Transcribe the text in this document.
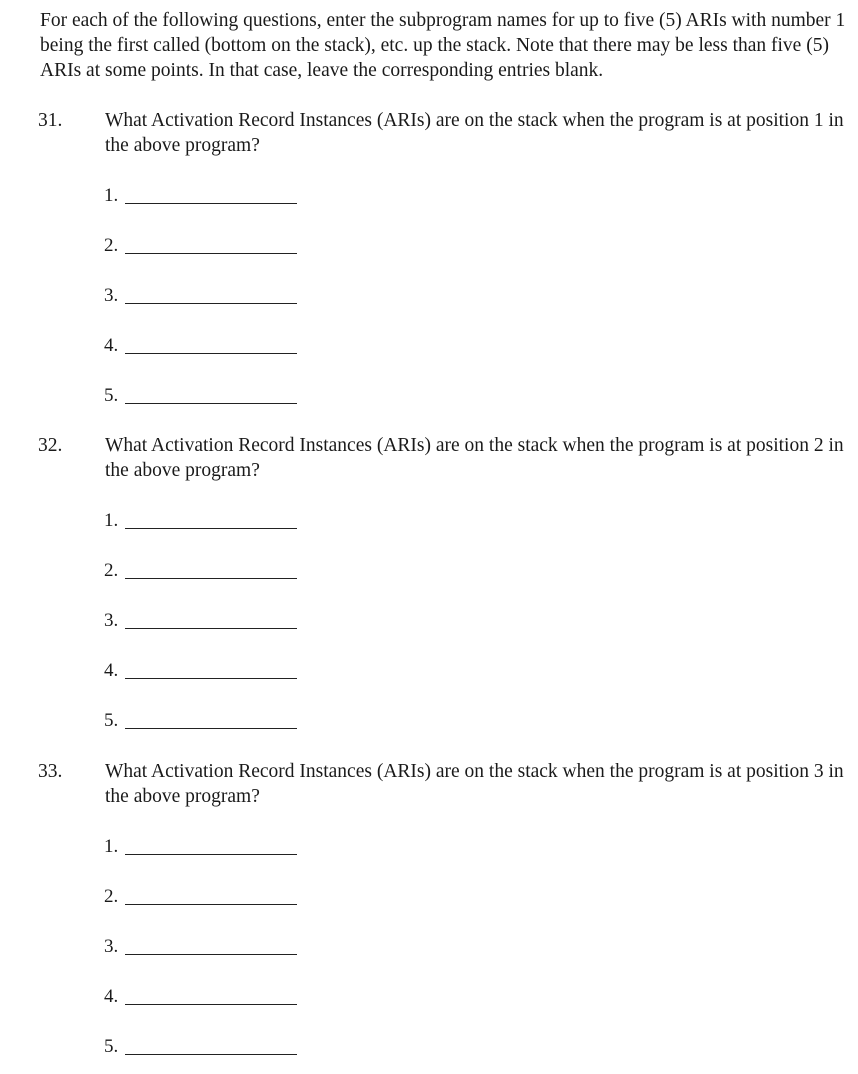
For each of the following questions, enter the subprogram names for up to five (5) ARIs with number 1 being the first called (bottom on the stack), etc. up the stack. Note that there may be less than five (5) ARIs at some points. In that case, leave the corresponding entries blank.

31. What Activation Record Instances (ARIs) are on the stack when the program is at position 1 in the above program?

1.
2.
3.
4.
5.
32. What Activation Record Instances (ARIs) are on the stack when the program is at position 2 in the above program?

1.
2.
3.
4.
5.
33. What Activation Record Instances (ARIs) are on the stack when the program is at position 3 in the above program?

1.
2.
3.
4.
5.
